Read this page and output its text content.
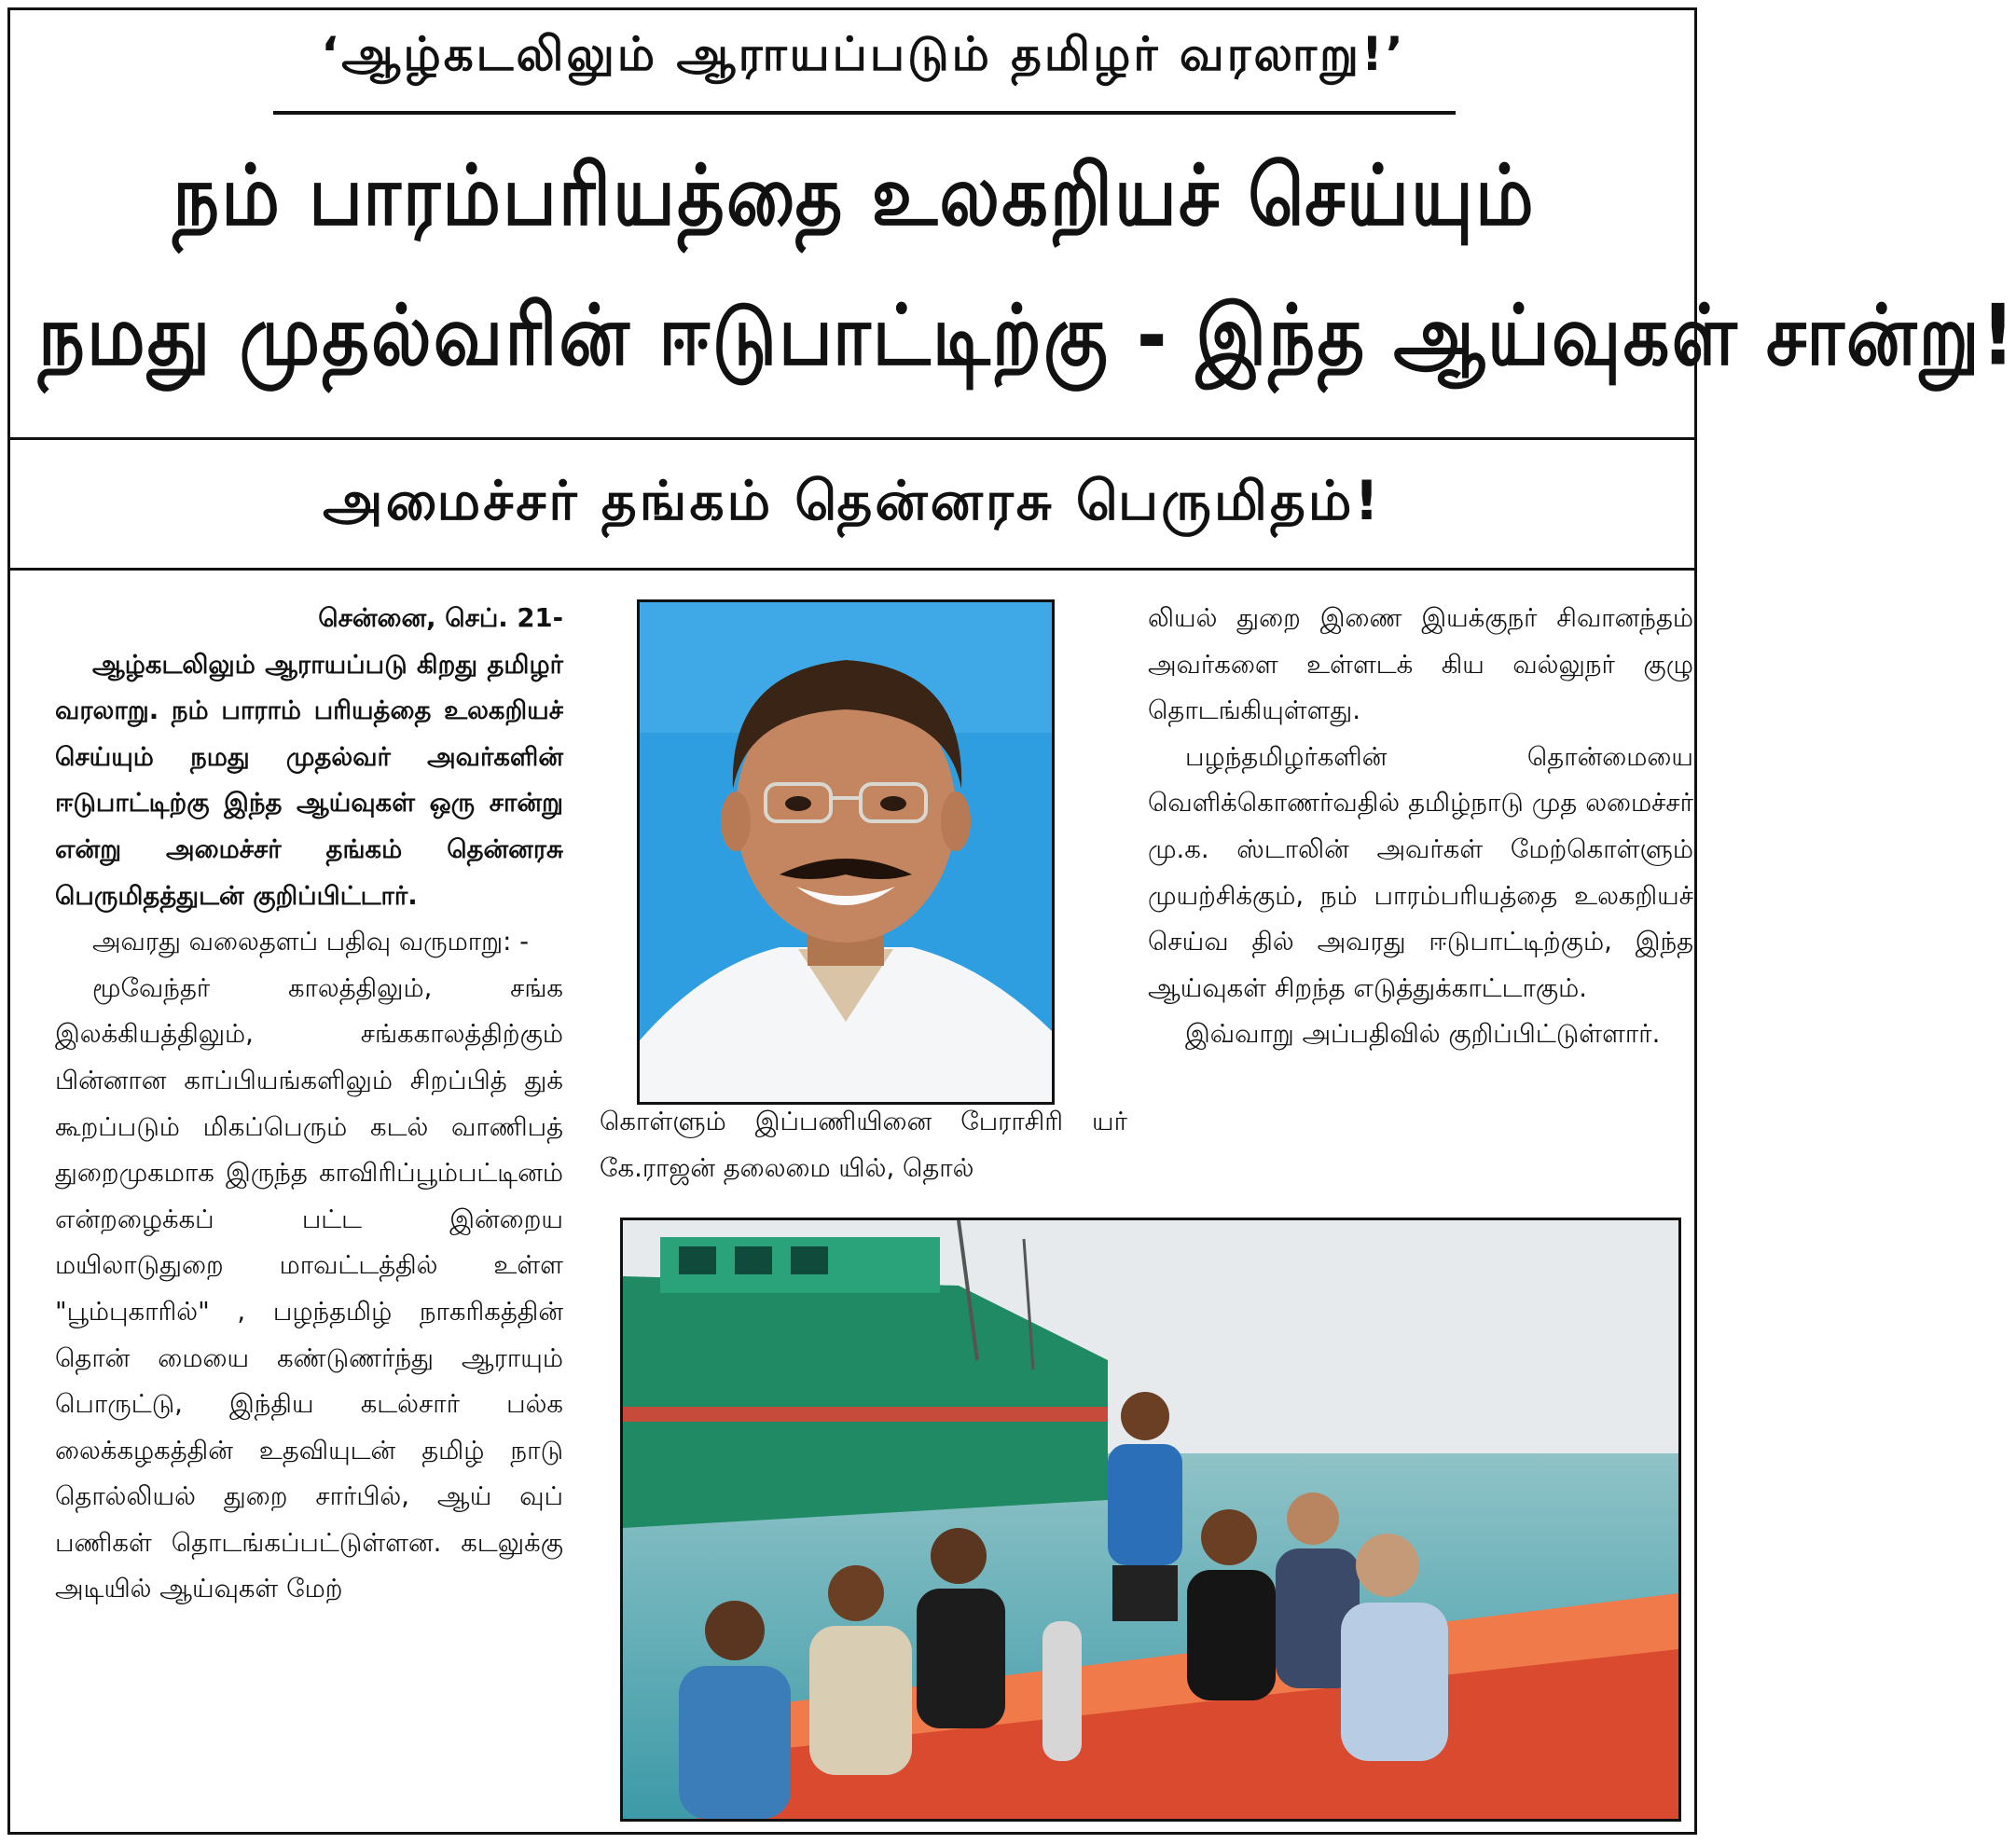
‘ஆழ்கடலிலும் ஆராயப்படும் தமிழர் வரலாறு!’
நம் பாரம்பரியத்தை உலகறியச் செய்யும்
நமது முதல்வரின் ஈடுபாட்டிற்கு - இந்த ஆய்வுகள் சான்று!
அமைச்சர் தங்கம் தென்னரசு பெருமிதம்!

சென்னை, செப். 21-

ஆழ்கடலிலும் ஆராயப்படு கிறது தமிழர் வரலாறு. நம் பாராம் பரியத்தை உலகறியச் செய்யும் நமது முதல்வர் அவர்களின் ஈடுபாட்டிற்கு இந்த ஆய்வுகள் ஒரு சான்று என்று அமைச்சர் தங்கம் தென்னரசு பெருமிதத்துடன் குறிப்பிட்டார்.

அவரது வலைதளப் பதிவு வருமாறு: -

மூவேந்தர் காலத்திலும், சங்க இலக்கியத்திலும், சங்ககாலத்திற்கும் பின்னான காப்பியங்களிலும் சிறப்பித் துக் கூறப்படும் மிகப்பெரும் கடல் வாணிபத் துறைமுகமாக இருந்த காவிரிப்பூம்பட்டினம் என்றழைக்கப் பட்ட இன்றைய மயிலாடுதுறை மாவட்டத்தில் உள்ள "பூம்புகாரில்" , பழந்தமிழ் நாகரிகத்தின் தொன் மையை கண்டுணர்ந்து ஆராயும் பொருட்டு, இந்திய கடல்சார் பல்க லைக்கழகத்தின் உதவியுடன் தமிழ் நாடு தொல்லியல் துறை சார்பில், ஆய் வுப் பணிகள் தொடங்கப்பட்டுள்ளன. கடலுக்கு அடியில் ஆய்வுகள் மேற்

கொள்ளும் இப்பணியினை பேராசிரி யர் கே.ராஜன் தலைமை யில், தொல்

லியல் துறை இணை இயக்குநர் சிவானந்தம் அவர்களை உள்ளடக் கிய வல்லுநர் குழு தொடங்கியுள்ளது.

பழந்தமிழர்களின் தொன்மையை வெளிக்கொணர்வதில் தமிழ்நாடு முத லமைச்சர் மு.க. ஸ்டாலின் அவர்கள் மேற்கொள்ளும் முயற்சிக்கும், நம் பாரம்பரியத்தை உலகறியச் செய்வ தில் அவரது ஈடுபாட்டிற்கும், இந்த ஆய்வுகள் சிறந்த எடுத்துக்காட்டாகும்.

இவ்வாறு அப்பதிவில் குறிப்பிட்டுள்ளார்.
